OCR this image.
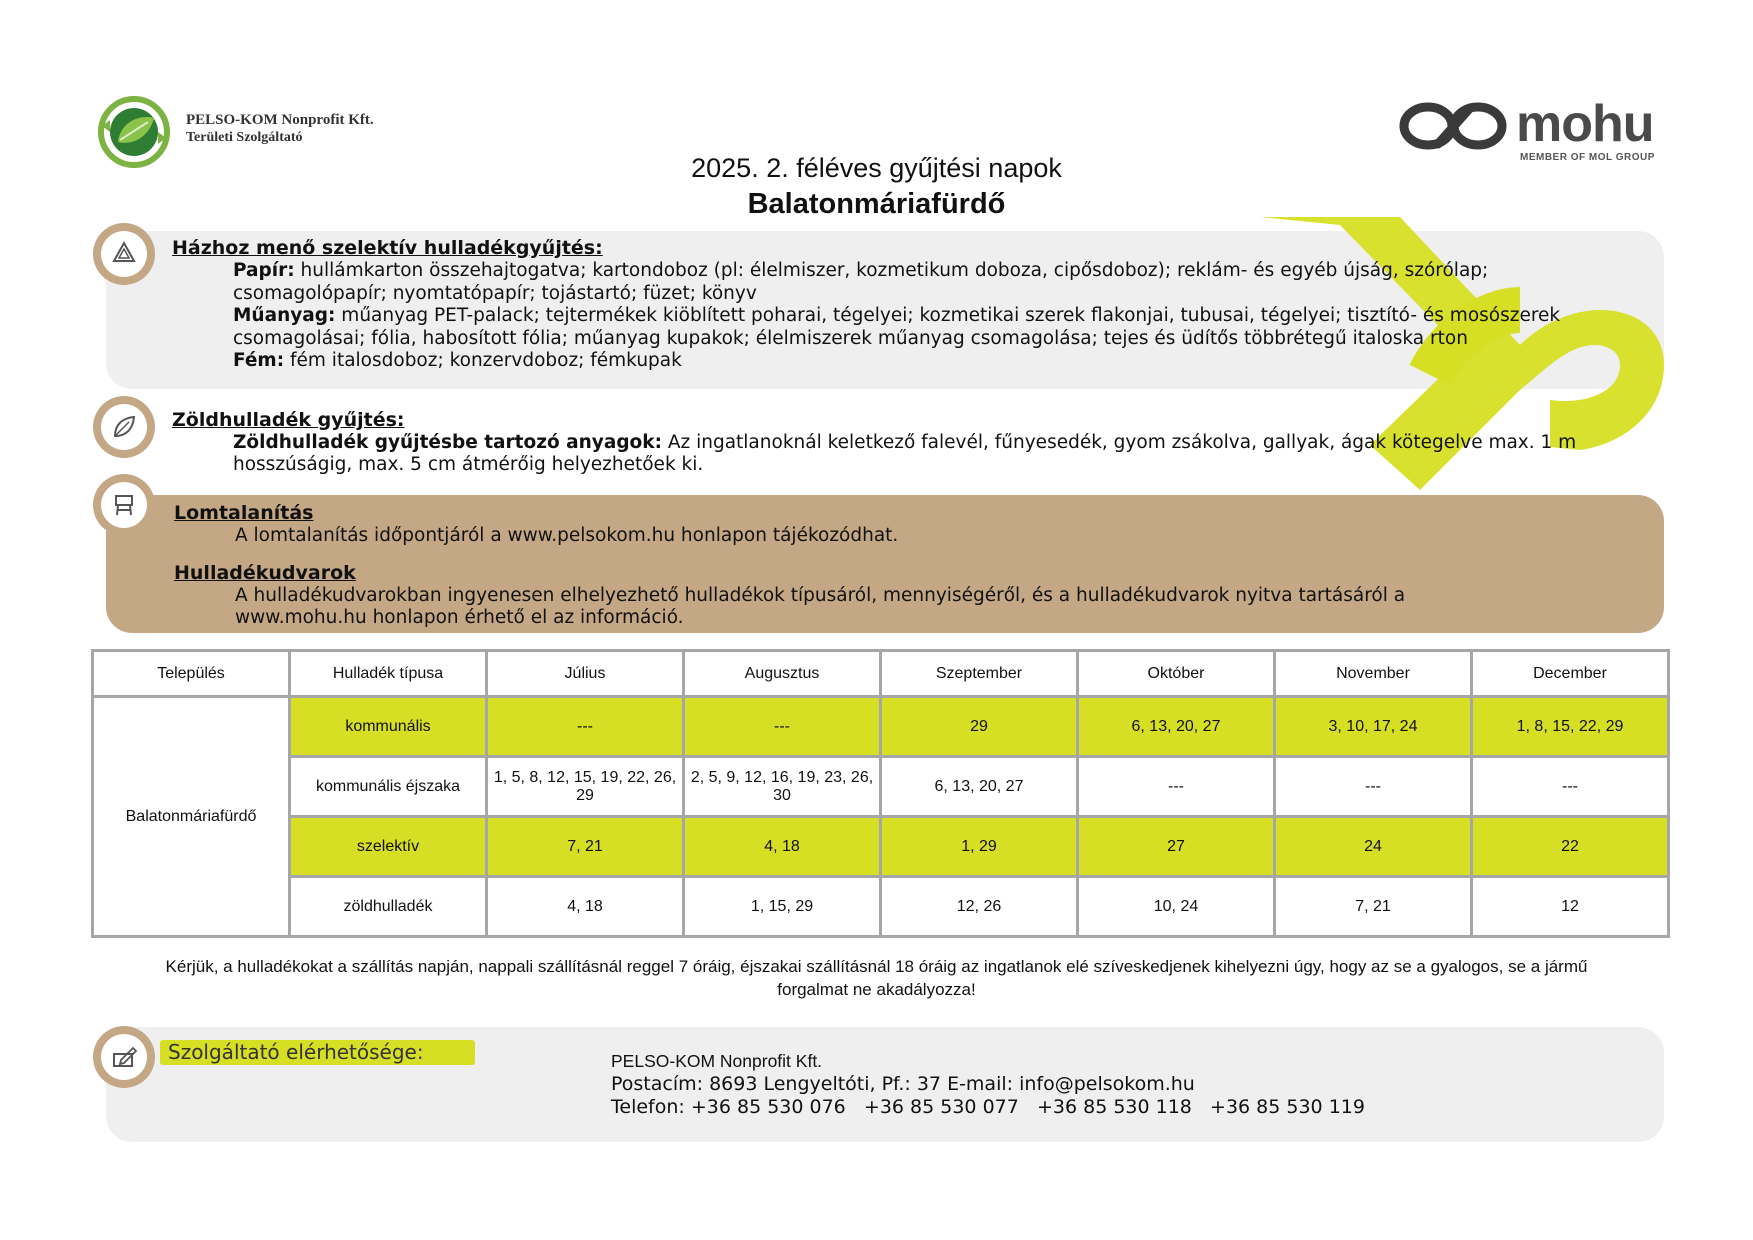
PELSO-KOM Nonprofit Kft.
Területi Szolgáltató	mohu
MEMBER OF MOL GROUP
2025. 2. féléves gyűjtési napok
Balatonmáriafürdő
Házhoz menő szelektív hulladékgyűjtés:
Papír: hullámkarton összehajtogatva; kartondoboz (pl: élelmiszer, kozmetikum doboza, cipősdoboz); reklám- és egyéb újság, szórólap;
csomagolópapír; nyomtatópapír; tojástartó; füzet; könyv
Műanyag: műanyag PET-palack; tejtermékek kiöblített poharai, tégelyei; kozmetikai szerek flakonjai, tubusai, tégelyei; tisztító- és mosószerek
csomagolásai; fólia, habosított fólia; műanyag kupakok; élelmiszerek műanyag csomagolása; tejes és üdítős többrétegű italoska rton
Fém: fém italosdoboz; konzervdoboz; fémkupak
Zöldhulladék gyűjtés:
Zöldhulladék gyűjtésbe tartozó anyagok: Az ingatlanoknál keletkező falevél, fűnyesedék, gyom zsákolva, gallyak, ágak kötegelve max. 1 m
hosszúságig, max. 5 cm átmérőig helyezhetőek ki.
Lomtalanítás
A lomtalanítás időpontjáról a www.pelsokom.hu honlapon tájékozódhat.
Hulladékudvarok
A hulladékudvarokban ingyenesen elhelyezhető hulladékok típusáról, mennyiségéről, és a hulladékudvarok nyitva tartásáról a
www.mohu.hu honlapon érhető el az információ.
Település	Hulladék típusa	Július	Augusztus	Szeptember	Október	November	December
Balatonmáriafürdő	kommunális	---	---	29	6, 13, 20, 27	3, 10, 17, 24	1, 8, 15, 22, 29
	kommunális éjszaka	1, 5, 8, 12, 15, 19, 22, 26, 29	2, 5, 9, 12, 16, 19, 23, 26, 30	6, 13, 20, 27	---	---	---
	szelektív	7, 21	4, 18	1, 29	27	24	22
	zöldhulladék	4, 18	1, 15, 29	12, 26	10, 24	7, 21	12
Kérjük, a hulladékokat a szállítás napján, nappali szállításnál reggel 7 óráig, éjszakai szállításnál 18 óráig az ingatlanok elé szíveskedjenek kihelyezni úgy, hogy az se a gyalogos, se a jármű
forgalmat ne akadályozza!
Szolgáltató elérhetősége:	PELSO-KOM Nonprofit Kft.
Postacím: 8693 Lengyeltóti, Pf.: 37 E-mail: info@pelsokom.hu
Telefon: +36 85 530 076 +36 85 530 077 +36 85 530 118 +36 85 530 119
